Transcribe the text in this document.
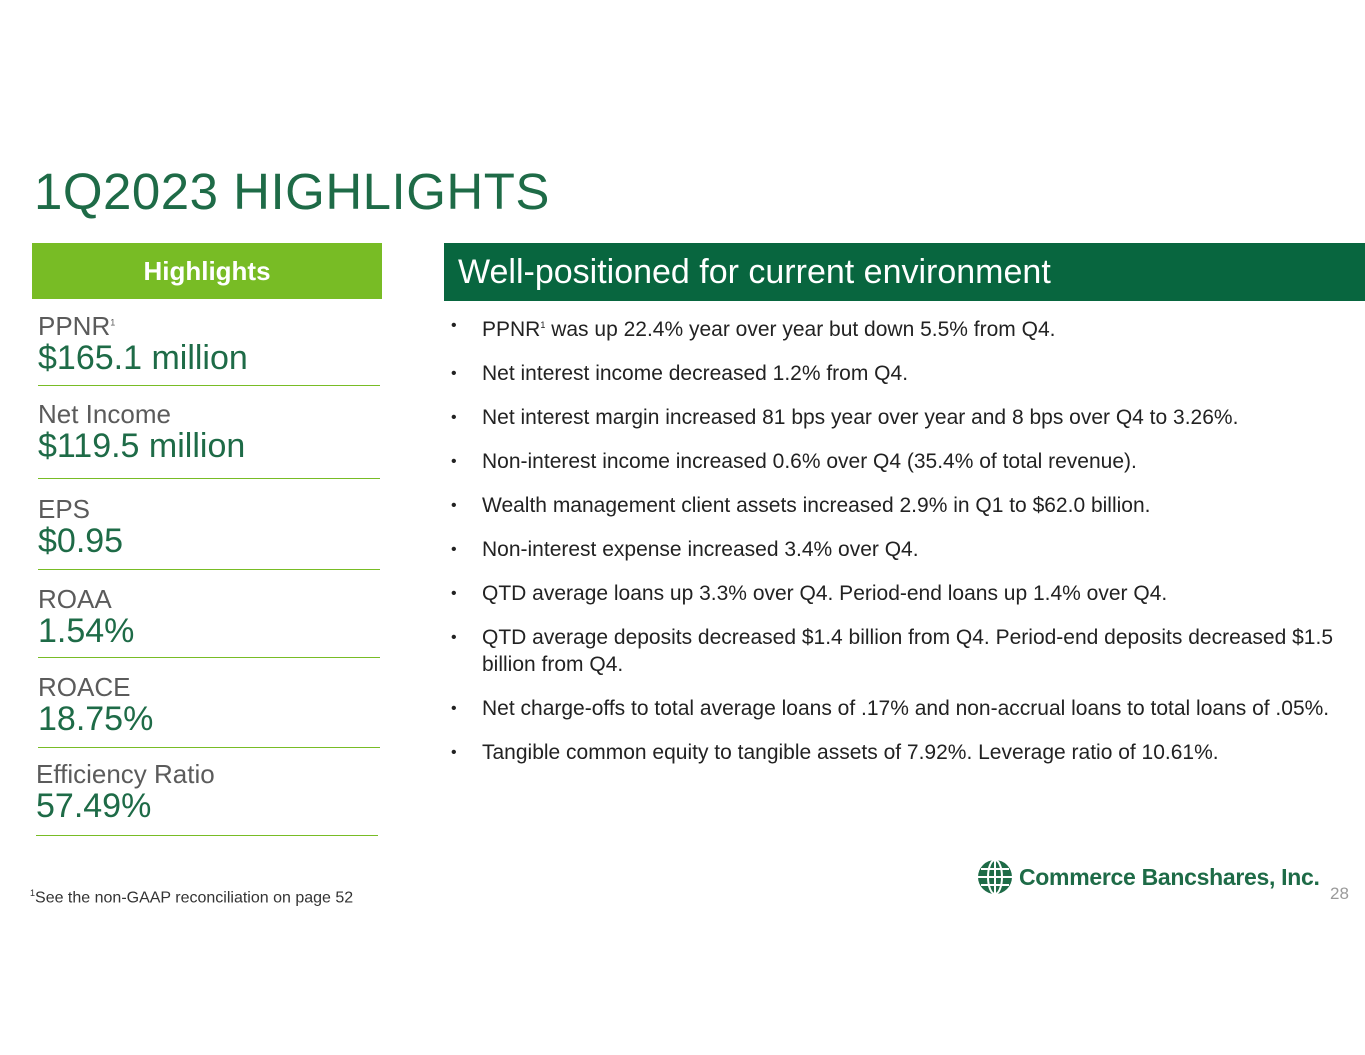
1Q2023 HIGHLIGHTS
Highlights
PPNR$^1$
$165.1 million
Net Income
$119.5 million
EPS
$0.95
ROAA
1.54%
ROACE
18.75%
Efficiency Ratio
57.49%
Well-positioned for current environment
• PPNR$^1$ was up 22.4% year over year but down 5.5% from Q4.
• Net interest income decreased 1.2% from Q4.
• Net interest margin increased 81 bps year over year and 8 bps over Q4 to 3.26%.
• Non-interest income increased 0.6% over Q4 (35.4% of total revenue).
• Wealth management client assets increased 2.9% in Q1 to $62.0 billion.
• Non-interest expense increased 3.4% over Q4.
• QTD average loans up 3.3% over Q4. Period-end loans up 1.4% over Q4.
• QTD average deposits decreased $1.4 billion from Q4. Period-end deposits decreased $1.5 billion from Q4.
• Net charge-offs to total average loans of .17% and non-accrual loans to total loans of .05%.
• Tangible common equity to tangible assets of 7.92%. Leverage ratio of 10.61%.
$^1$See the non-GAAP reconciliation on page 52
Commerce Bancshares, Inc.
28
